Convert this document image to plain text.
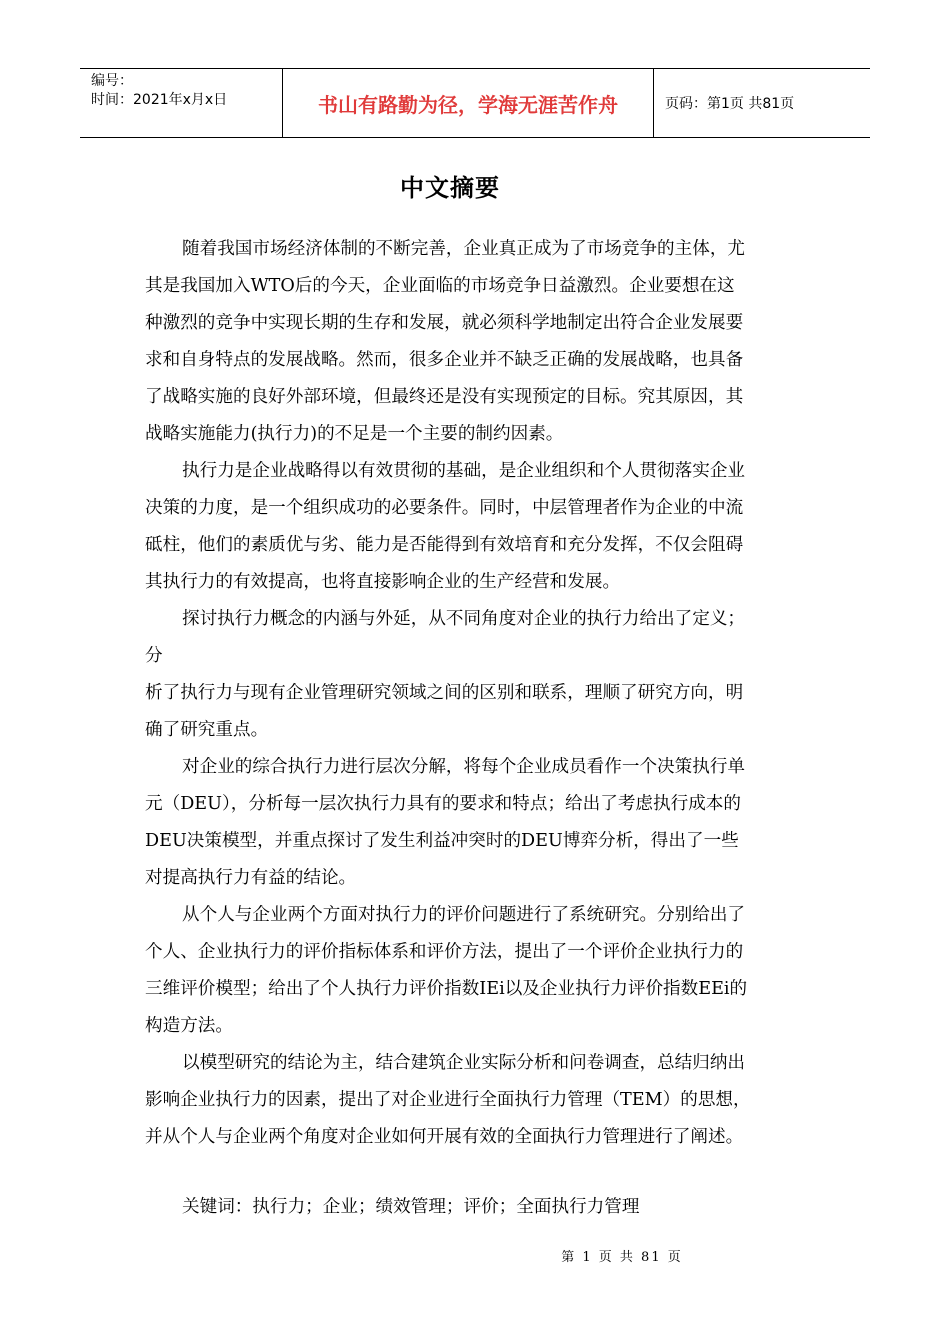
编号：
时间：2021年x月x日	书山有路勤为径，学海无涯苦作舟	页码：第1页 共81页
中文摘要
随着我国市场经济体制的不断完善，企业真正成为了市场竞争的主体，尤
其是我国加入WTO后的今天，企业面临的市场竞争日益激烈。企业要想在这
种激烈的竞争中实现长期的生存和发展，就必须科学地制定出符合企业发展要
求和自身特点的发展战略。然而，很多企业并不缺乏正确的发展战略，也具备
了战略实施的良好外部环境，但最终还是没有实现预定的目标。究其原因，其
战略实施能力(执行力)的不足是一个主要的制约因素。
执行力是企业战略得以有效贯彻的基础，是企业组织和个人贯彻落实企业
决策的力度，是一个组织成功的必要条件。同时，中层管理者作为企业的中流
砥柱，他们的素质优与劣、能力是否能得到有效培育和充分发挥，不仅会阻碍
其执行力的有效提高，也将直接影响企业的生产经营和发展。
探讨执行力概念的内涵与外延，从不同角度对企业的执行力给出了定义；
分
析了执行力与现有企业管理研究领域之间的区别和联系，理顺了研究方向，明
确了研究重点。
对企业的综合执行力进行层次分解，将每个企业成员看作一个决策执行单
元（DEU），分析每一层次执行力具有的要求和特点；给出了考虑执行成本的
DEU决策模型，并重点探讨了发生利益冲突时的DEU博弈分析，得出了一些
对提高执行力有益的结论。
从个人与企业两个方面对执行力的评价问题进行了系统研究。分别给出了
个人、企业执行力的评价指标体系和评价方法，提出了一个评价企业执行力的
三维评价模型；给出了个人执行力评价指数IEi以及企业执行力评价指数EEi的
构造方法。
以模型研究的结论为主，结合建筑企业实际分析和问卷调查，总结归纳出
影响企业执行力的因素，提出了对企业进行全面执行力管理（TEM）的思想，
并从个人与企业两个角度对企业如何开展有效的全面执行力管理进行了阐述。
关键词：执行力；企业；绩效管理；评价；全面执行力管理
第 1 页 共 81 页
